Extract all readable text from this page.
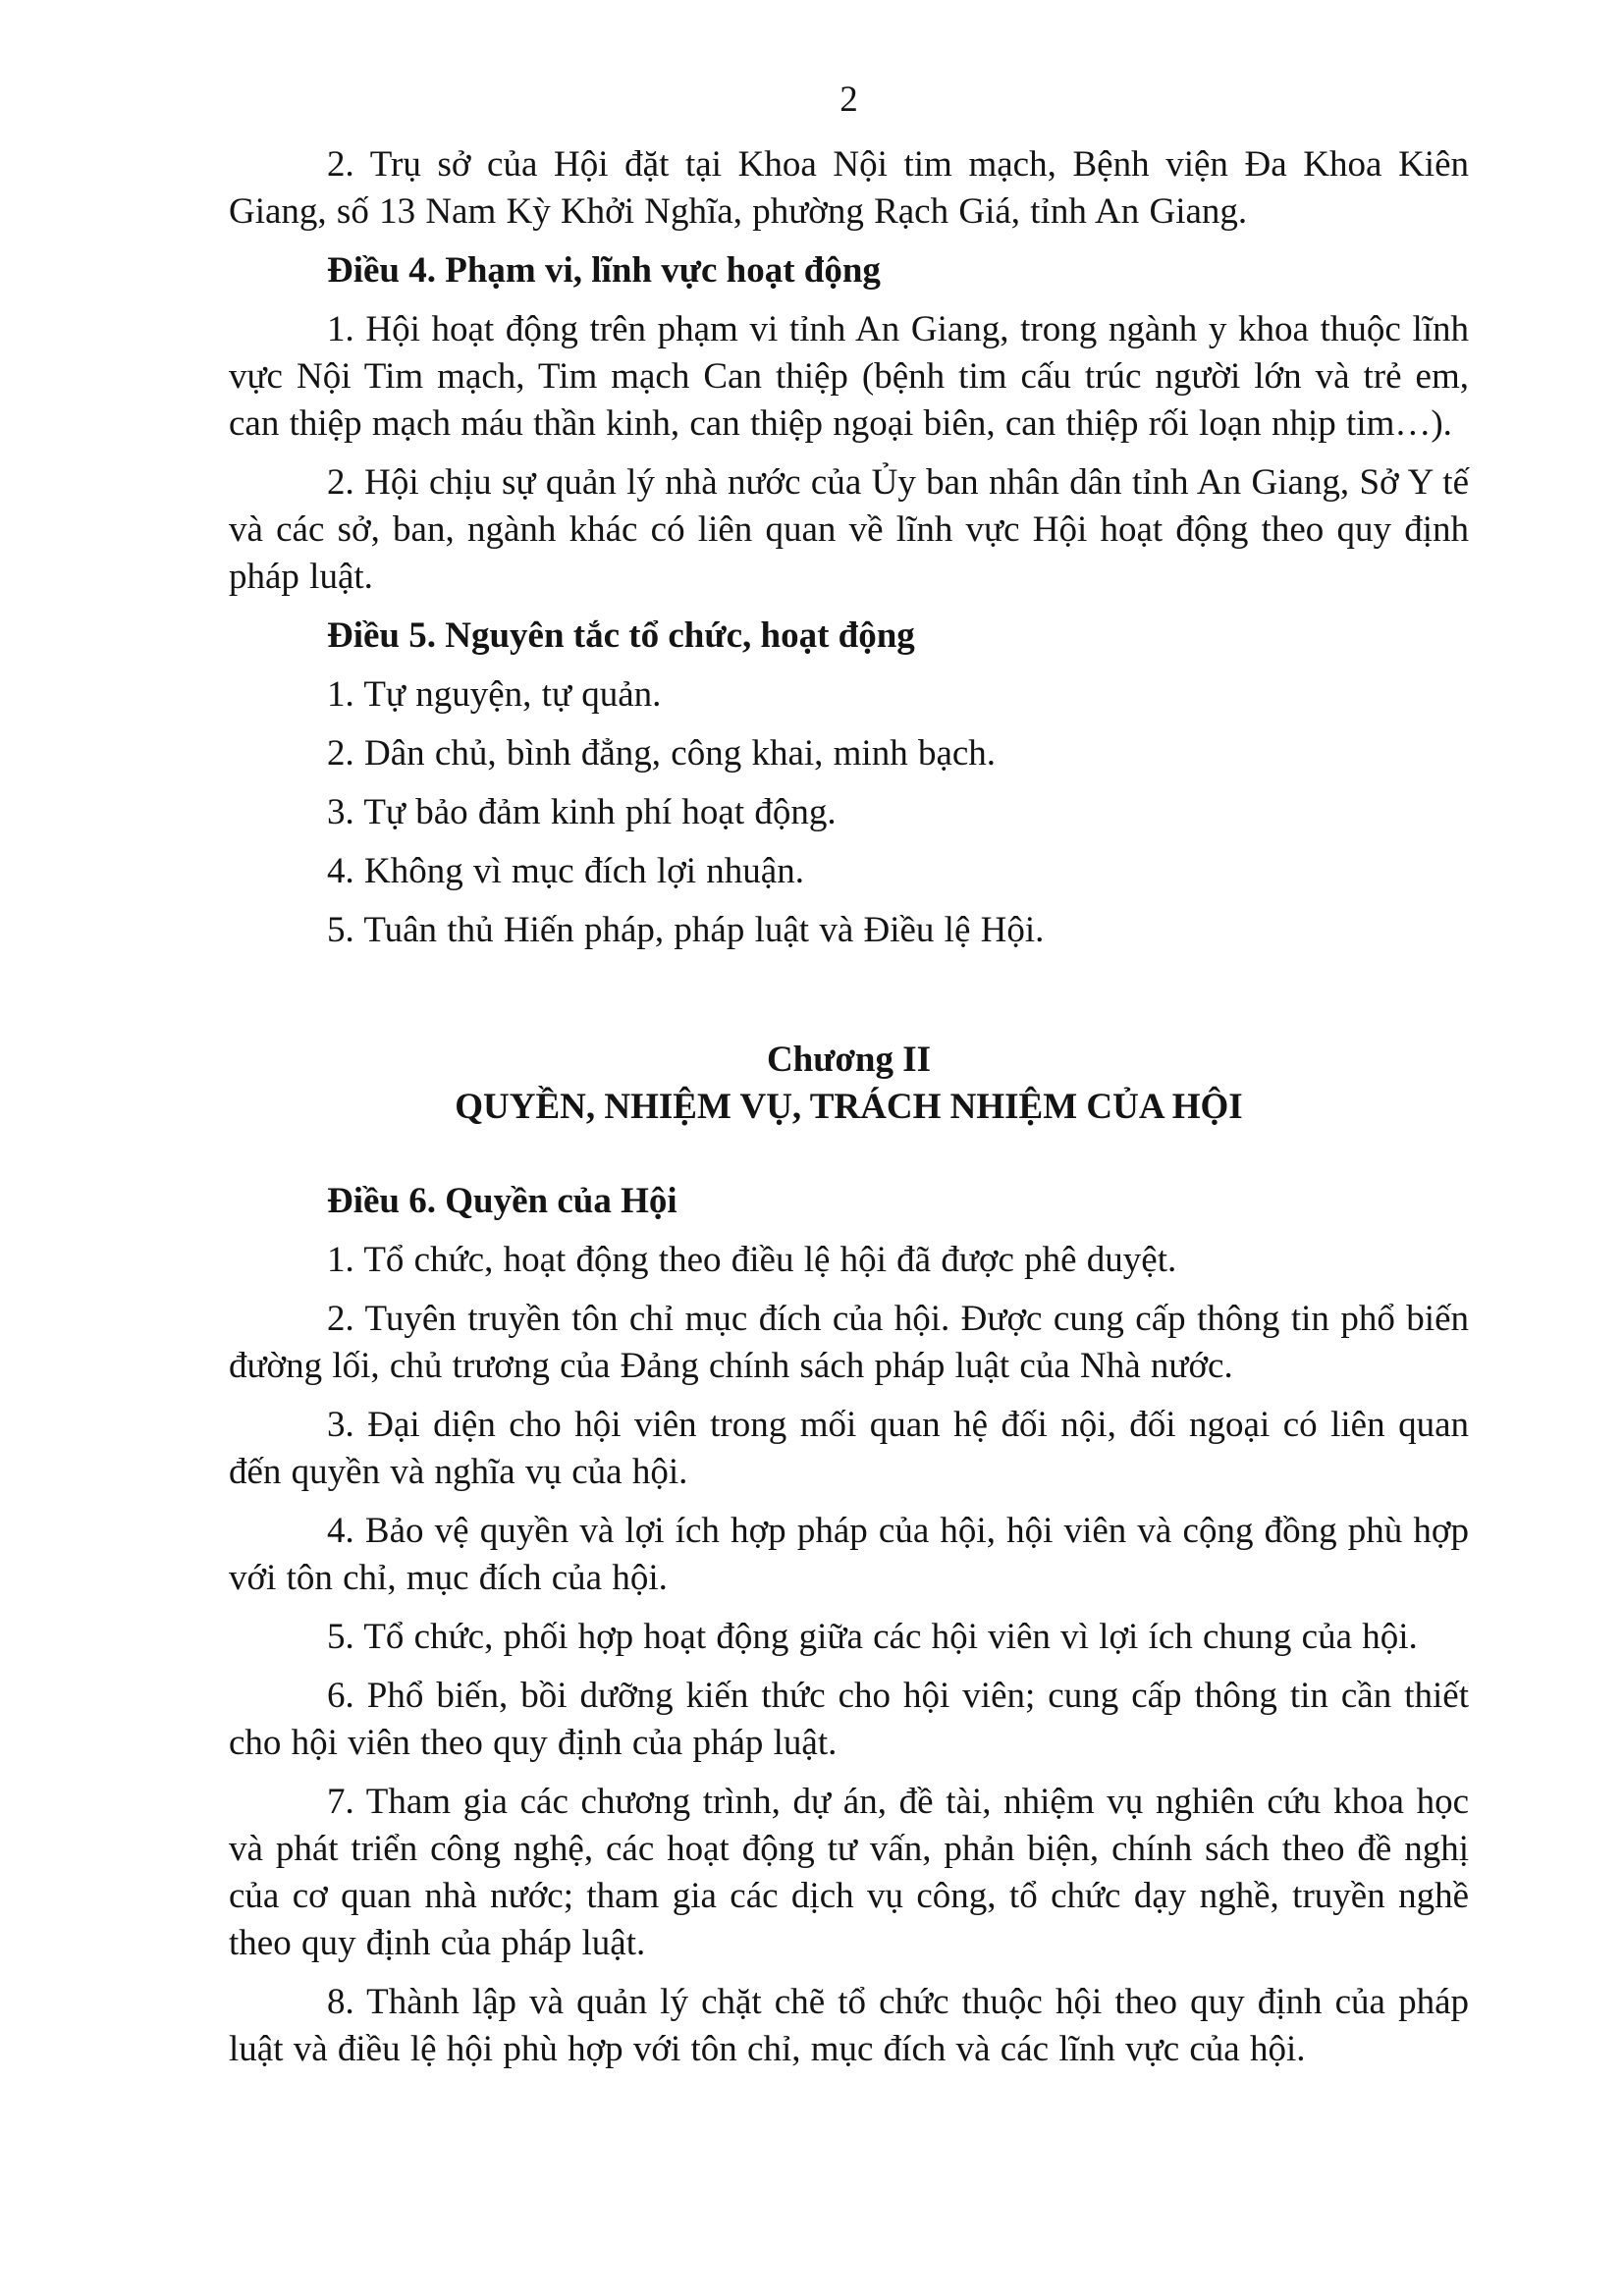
2

2. Trụ sở của Hội đặt tại Khoa Nội tim mạch, Bệnh viện Đa Khoa Kiên Giang, số 13 Nam Kỳ Khởi Nghĩa, phường Rạch Giá, tỉnh An Giang.

Điều 4. Phạm vi, lĩnh vực hoạt động

1. Hội hoạt động trên phạm vi tỉnh An Giang, trong ngành y khoa thuộc lĩnh vực Nội Tim mạch, Tim mạch Can thiệp (bệnh tim cấu trúc người lớn và trẻ em, can thiệp mạch máu thần kinh, can thiệp ngoại biên, can thiệp rối loạn nhịp tim…).

2. Hội chịu sự quản lý nhà nước của Ủy ban nhân dân tỉnh An Giang, Sở Y tế và các sở, ban, ngành khác có liên quan về lĩnh vực Hội hoạt động theo quy định pháp luật.

Điều 5. Nguyên tắc tổ chức, hoạt động

1. Tự nguyện, tự quản.

2. Dân chủ, bình đẳng, công khai, minh bạch.

3. Tự bảo đảm kinh phí hoạt động.

4. Không vì mục đích lợi nhuận.

5. Tuân thủ Hiến pháp, pháp luật và Điều lệ Hội.

Chương II
QUYỀN, NHIỆM VỤ, TRÁCH NHIỆM CỦA HỘI

Điều 6. Quyền của Hội

1. Tổ chức, hoạt động theo điều lệ hội đã được phê duyệt.

2. Tuyên truyền tôn chỉ mục đích của hội. Được cung cấp thông tin phổ biến đường lối, chủ trương của Đảng chính sách pháp luật của Nhà nước.

3. Đại diện cho hội viên trong mối quan hệ đối nội, đối ngoại có liên quan đến quyền và nghĩa vụ của hội.

4. Bảo vệ quyền và lợi ích hợp pháp của hội, hội viên và cộng đồng phù hợp với tôn chỉ, mục đích của hội.

5. Tổ chức, phối hợp hoạt động giữa các hội viên vì lợi ích chung của hội.

6. Phổ biến, bồi dưỡng kiến thức cho hội viên; cung cấp thông tin cần thiết cho hội viên theo quy định của pháp luật.

7. Tham gia các chương trình, dự án, đề tài, nhiệm vụ nghiên cứu khoa học và phát triển công nghệ, các hoạt động tư vấn, phản biện, chính sách theo đề nghị của cơ quan nhà nước; tham gia các dịch vụ công, tổ chức dạy nghề, truyền nghề theo quy định của pháp luật.

8. Thành lập và quản lý chặt chẽ tổ chức thuộc hội theo quy định của pháp luật và điều lệ hội phù hợp với tôn chỉ, mục đích và các lĩnh vực của hội.
